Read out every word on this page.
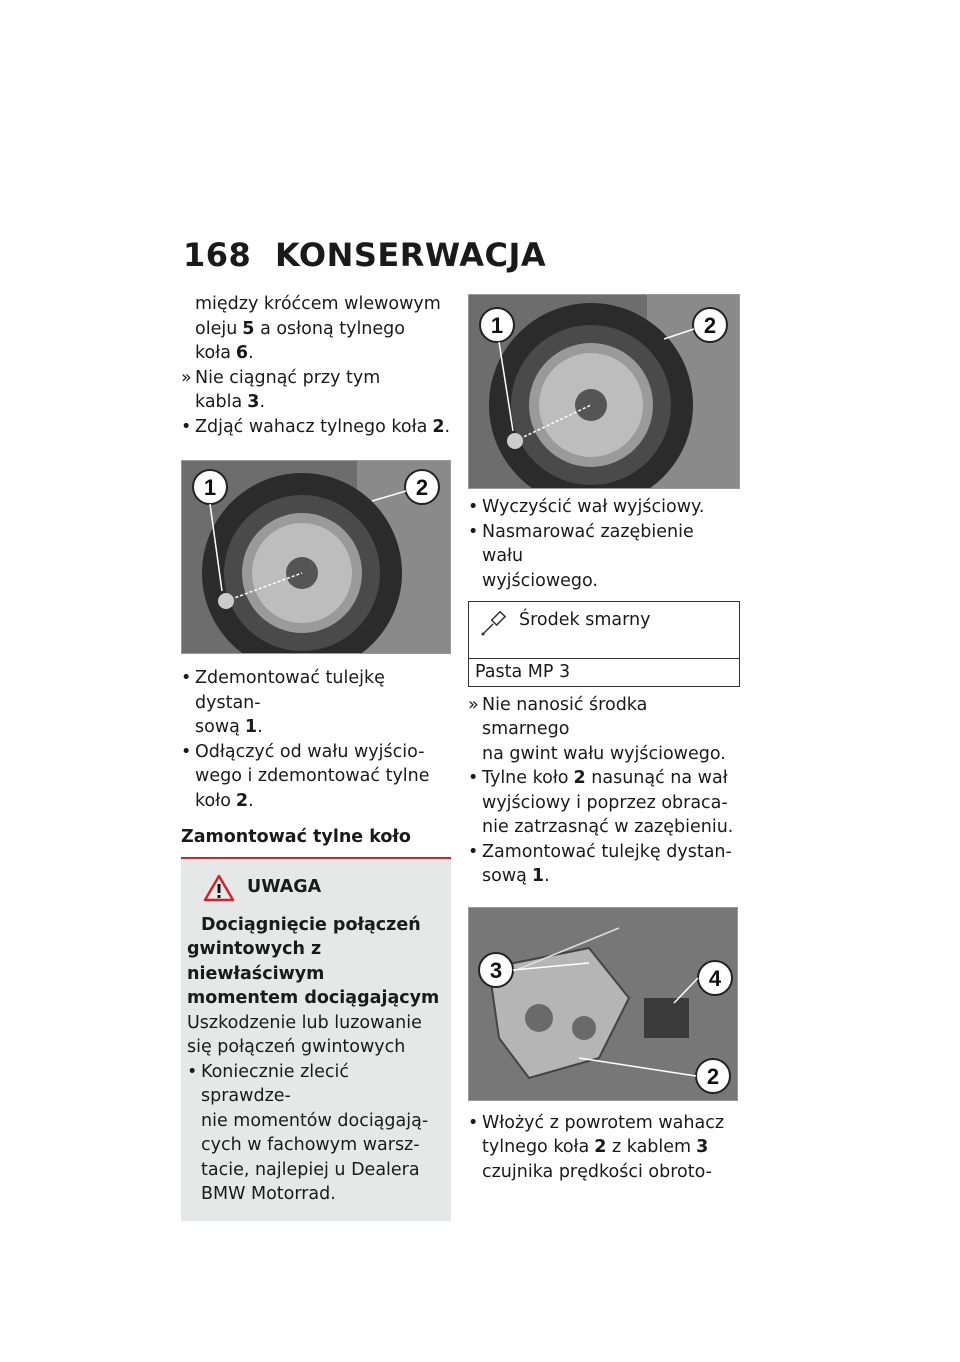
168 KONSERWACJA

między króćcem wlewowym

oleju 5 a osłoną tylnego

koła 6.

» Nie ciągnąć przy tym kabla 3.

• Zdjąć wahacz tylnego koła 2.

1	2

• Zdemontować tulejkę dystan-

sową 1.

• Odłączyć od wału wyjścio-

wego i zdemontować tylne

koło 2.

Zamontować tylne koło

UWAGA

Dociągnięcie połączeń

gwintowych z niewłaściwym

momentem dociągającym

Uszkodzenie lub luzowanie

się połączeń gwintowych

• Koniecznie zlecić sprawdze-

nie momentów dociągają-

cych w fachowym warsz-

tacie, najlepiej u Dealera

BMW Motorrad.

1	2

• Wyczyścić wał wyjściowy.

• Nasmarować zazębienie wału

wyjściowego.

Środek smarny
Pasta MP 3

» Nie nanosić środka smarnego

na gwint wału wyjściowego.

• Tylne koło 2 nasunąć na wał

wyjściowy i poprzez obraca-

nie zatrzasnąć w zazębieniu.

• Zamontować tulejkę dystan-

sową 1.

3	4
2

• Włożyć z powrotem wahacz

tylnego koła 2 z kablem 3

czujnika prędkości obroto-
